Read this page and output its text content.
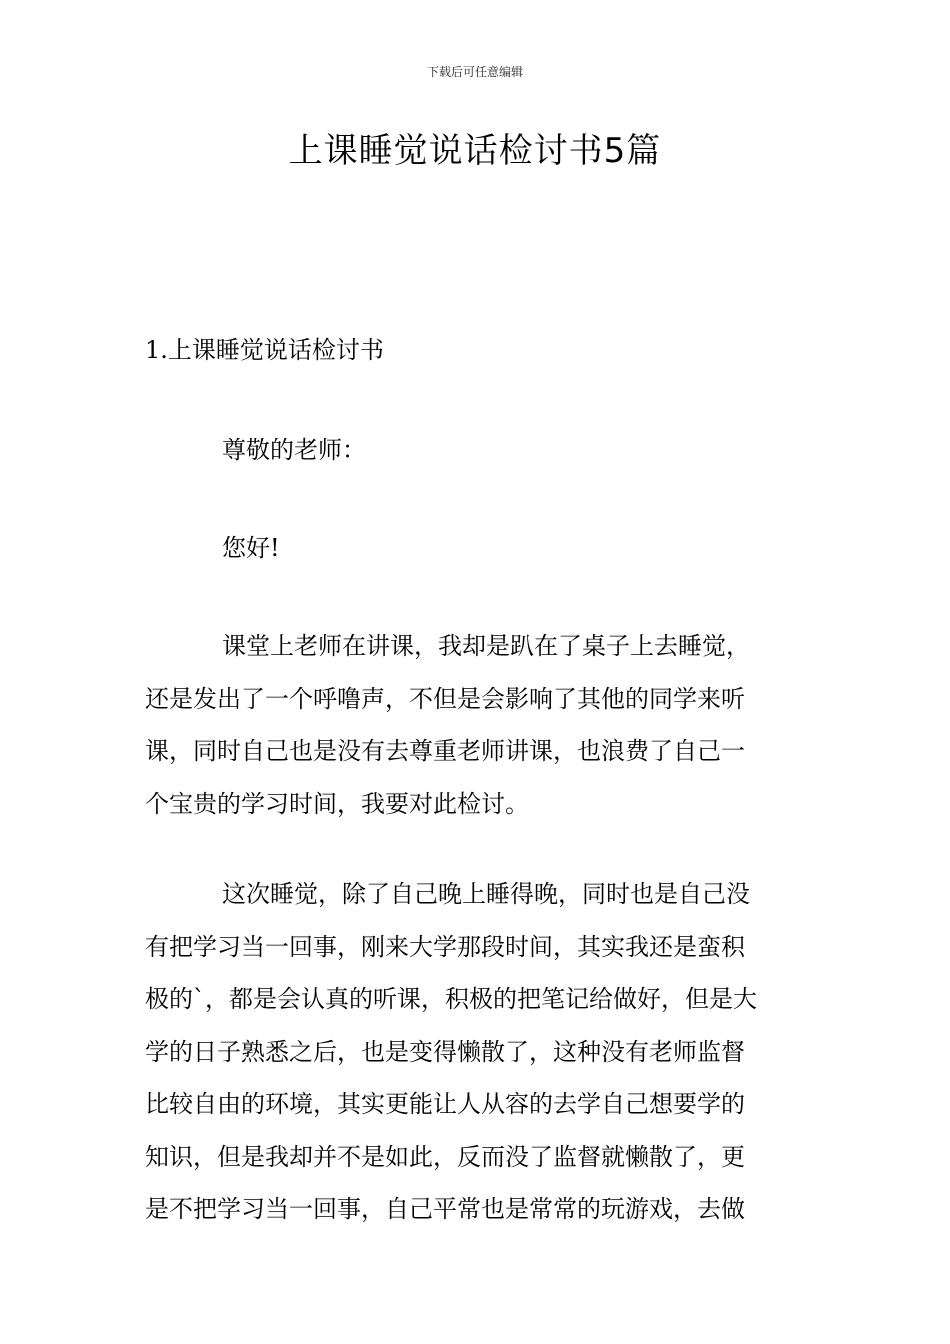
下载后可任意编辑
上课睡觉说话检讨书5篇
1.上课睡觉说话检讨书

尊敬的老师：

您好!

课堂上老师在讲课，我却是趴在了桌子上去睡觉，
还是发出了一个呼噜声，不但是会影响了其他的同学来听
课，同时自己也是没有去尊重老师讲课，也浪费了自己一
个宝贵的学习时间，我要对此检讨。
这次睡觉，除了自己晚上睡得晚，同时也是自己没
有把学习当一回事，刚来大学那段时间，其实我还是蛮积
极的`，都是会认真的听课，积极的把笔记给做好，但是大
学的日子熟悉之后，也是变得懒散了，这种没有老师监督
比较自由的环境，其实更能让人从容的去学自己想要学的
知识，但是我却并不是如此，反而没了监督就懒散了，更
是不把学习当一回事，自己平常也是常常的玩游戏，去做
